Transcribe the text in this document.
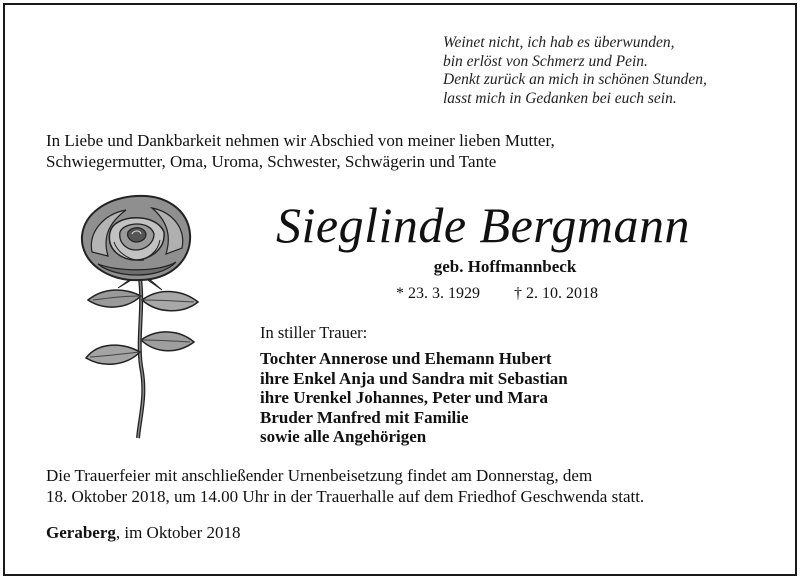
Weinet nicht, ich hab es überwunden,
bin erlöst von Schmerz und Pein.
Denkt zurück an mich in schönen Stunden,
lasst mich in Gedanken bei euch sein.
In Liebe und Dankbarkeit nehmen wir Abschied von meiner lieben Mutter,
Schwiegermutter, Oma, Uroma, Schwester, Schwägerin und Tante
Sieglinde Bergmann
geb. Hoffmannbeck
* 23. 3. 1929 † 2. 10. 2018
In stiller Trauer:
Tochter Annerose und Ehemann Hubert
ihre Enkel Anja und Sandra mit Sebastian
ihre Urenkel Johannes, Peter und Mara
Bruder Manfred mit Familie
sowie alle Angehörigen
Die Trauerfeier mit anschließender Urnenbeisetzung findet am Donnerstag, dem
18. Oktober 2018, um 14.00 Uhr in der Trauerhalle auf dem Friedhof Geschwenda statt.
Geraberg, im Oktober 2018
